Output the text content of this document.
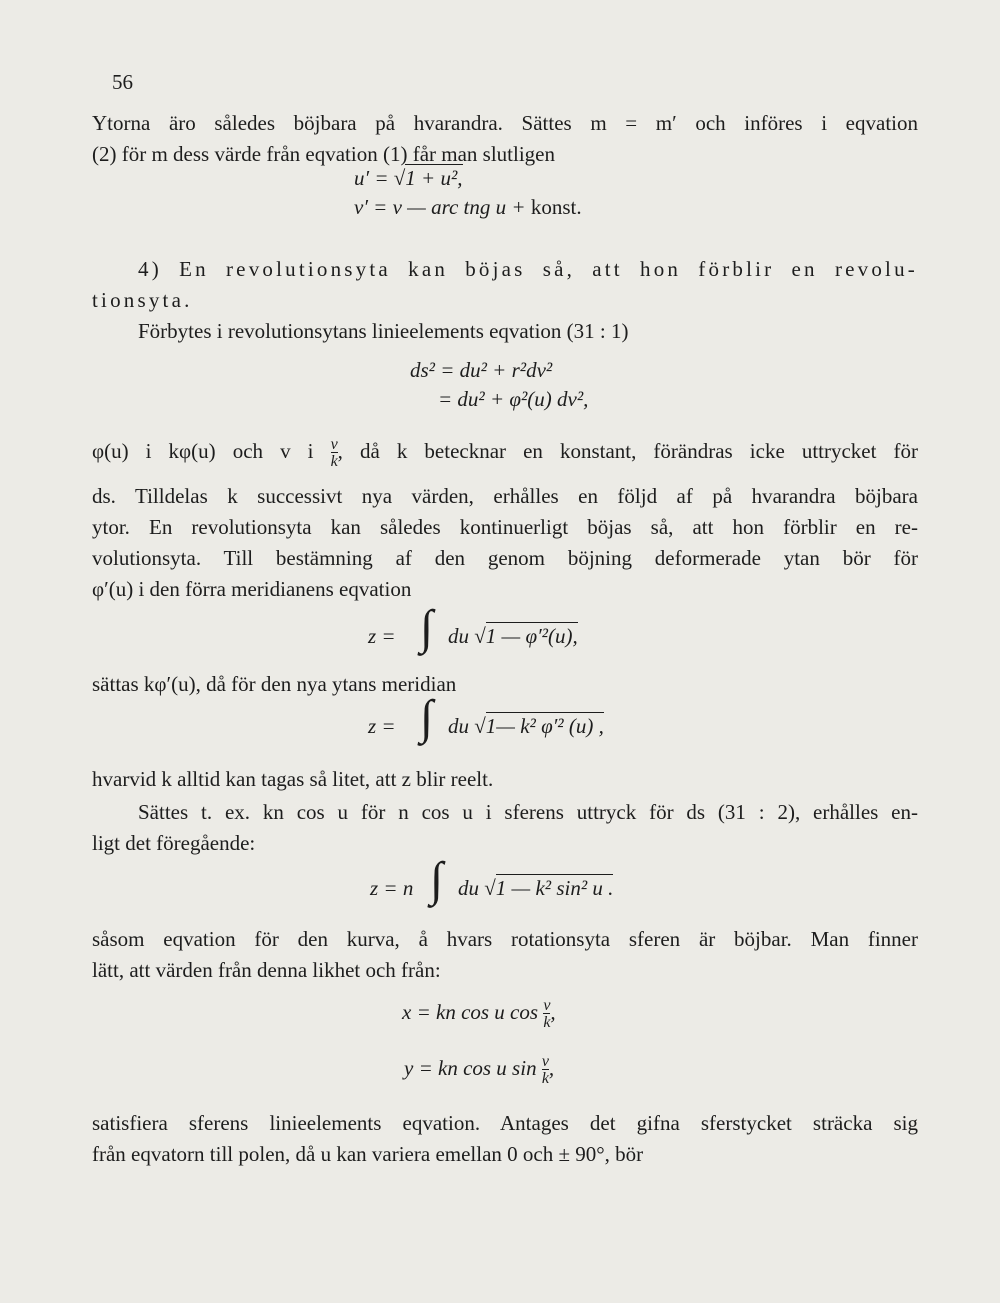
56
Ytorna äro således böjbara på hvarandra. Sättes m = m′ och införes i eqvation
(2) för m dess värde från eqvation (1) får man slutligen
u′ = √1 + u²,
v′ = v — arc tng u + konst.
4) En revolutionsyta kan böjas så, att hon förblir en revolu-
tionsyta.
Förbytes i revolutionsytans linieelements eqvation (31 : 1)
ds² = du² + r²dv²
= du² + φ²(u) dv²,
φ(u) i kφ(u) och v i $\frac{v}{k}$ , då k betecknar en konstant, förändras icke uttrycket för
ds. Tilldelas k successivt nya värden, erhålles en följd af på hvarandra böjbara
ytor. En revolutionsyta kan således kontinuerligt böjas så, att hon förblir en re-
volutionsyta. Till bestämning af den genom böjning deformerade ytan bör för
φ′(u) i den förra meridianens eqvation
z = ∫ du √1 — φ′²(u),
sättas kφ′(u), då för den nya ytans meridian
z = ∫ du √1— k² φ′² (u) ,
hvarvid k alltid kan tagas så litet, att z blir reelt.
Sättes t. ex. kn cos u för n cos u i sferens uttryck för ds (31 : 2), erhålles en-
ligt det föregående:
z = n ∫ du √1 — k² sin² u .
såsom eqvation för den kurva, å hvars rotationsyta sferen är böjbar. Man finner
lätt, att värden från denna likhet och från:
x = kn cos u $\cos \frac{v}{k}$ ,
y = kn cos u $\sin \frac{v}{k}$ ,
satisfiera sferens linieelements eqvation. Antages det gifna sferstycket sträcka sig
från eqvatorn till polen, då u kan variera emellan 0 och ± 90°, bör
